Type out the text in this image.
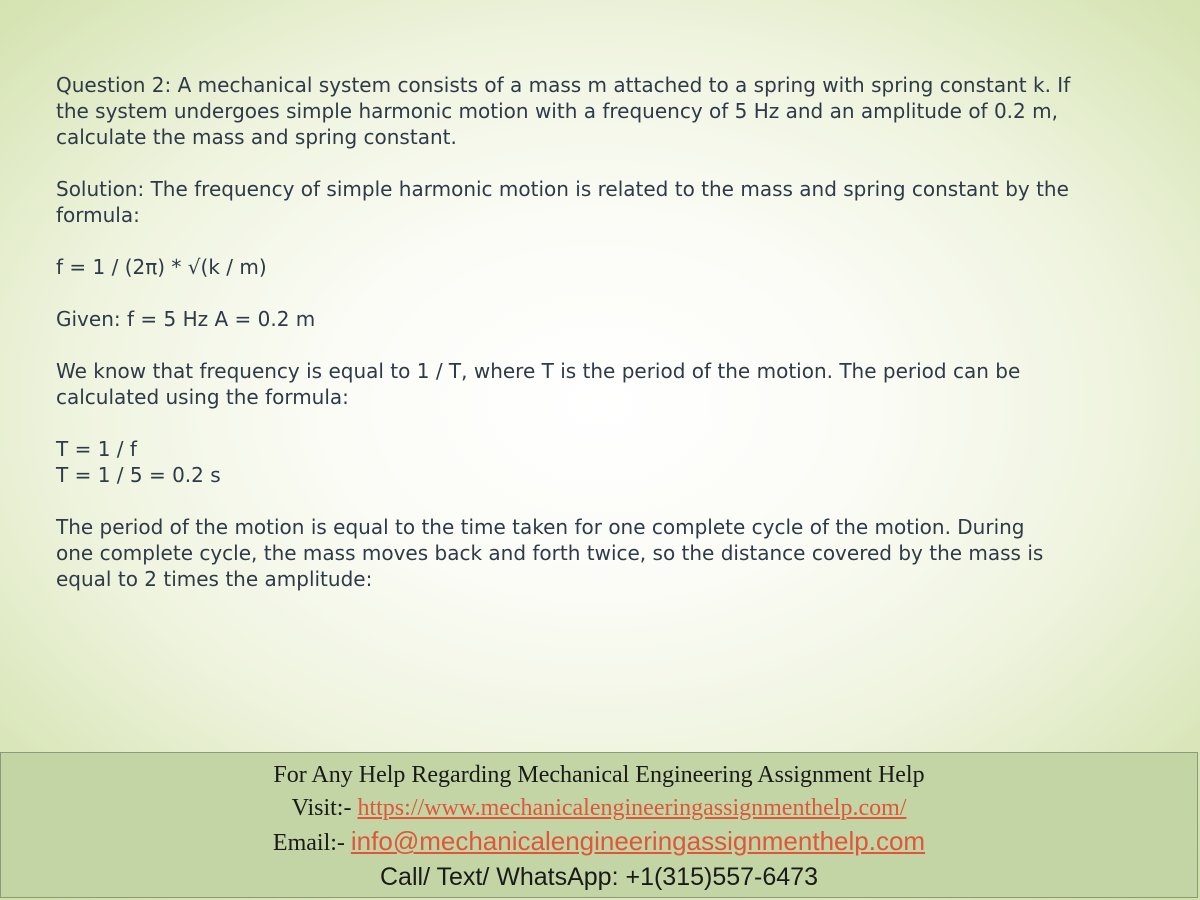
Question 2: A mechanical system consists of a mass m attached to a spring with spring constant k. If
the system undergoes simple harmonic motion with a frequency of 5 Hz and an amplitude of 0.2 m,
calculate the mass and spring constant.

Solution: The frequency of simple harmonic motion is related to the mass and spring constant by the
formula:

f = 1 / (2π) * √(k / m)

Given: f = 5 Hz A = 0.2 m

We know that frequency is equal to 1 / T, where T is the period of the motion. The period can be
calculated using the formula:

T = 1 / f
T = 1 / 5 = 0.2 s

The period of the motion is equal to the time taken for one complete cycle of the motion. During
one complete cycle, the mass moves back and forth twice, so the distance covered by the mass is
equal to 2 times the amplitude:

For Any Help Regarding Mechanical Engineering Assignment Help

Visit:- https://www.mechanicalengineeringassignmenthelp.com/

Email:- info@mechanicalengineeringassignmenthelp.com

Call/ Text/ WhatsApp: +1(315)557-6473
